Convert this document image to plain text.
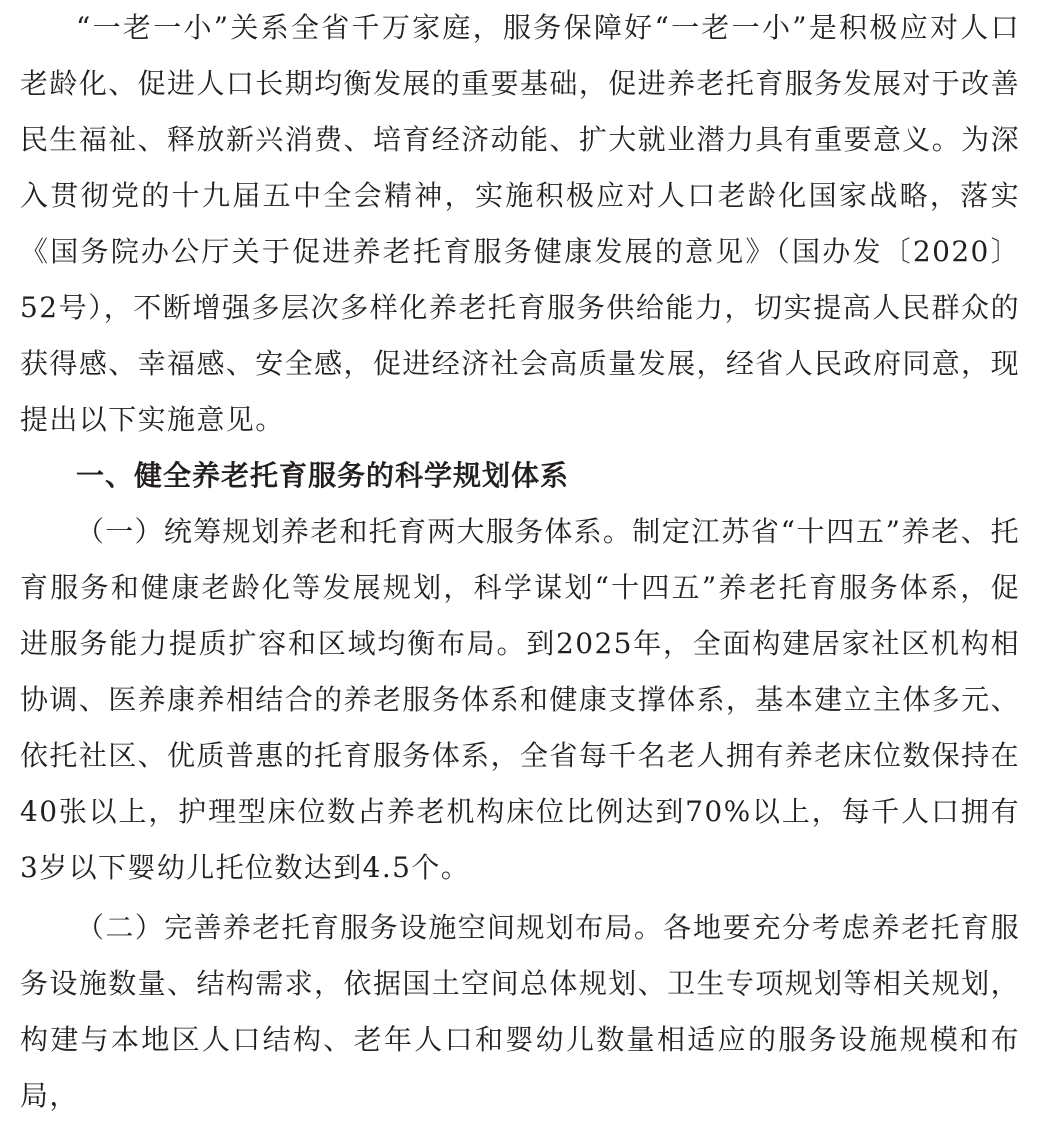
“一老一小”关系全省千万家庭，服务保障好“一老一小”是积极应对人口老龄化、促进人口长期均衡发展的重要基础，促进养老托育服务发展对于改善民生福祉、释放新兴消费、培育经济动能、扩大就业潜力具有重要意义。为深入贯彻党的十九届五中全会精神，实施积极应对人口老龄化国家战略，落实《国务院办公厅关于促进养老托育服务健康发展的意见》（国办发〔2020〕52号），不断增强多层次多样化养老托育服务供给能力，切实提高人民群众的获得感、幸福感、安全感，促进经济社会高质量发展，经省人民政府同意，现提出以下实施意见。

一、健全养老托育服务的科学规划体系

（一）统筹规划养老和托育两大服务体系。制定江苏省“十四五”养老、托育服务和健康老龄化等发展规划，科学谋划“十四五”养老托育服务体系，促进服务能力提质扩容和区域均衡布局。到2025年，全面构建居家社区机构相协调、医养康养相结合的养老服务体系和健康支撑体系，基本建立主体多元、依托社区、优质普惠的托育服务体系，全省每千名老人拥有养老床位数保持在40张以上，护理型床位数占养老机构床位比例达到70%以上，每千人口拥有3岁以下婴幼儿托位数达到4.5个。

（二）完善养老托育服务设施空间规划布局。各地要充分考虑养老托育服务设施数量、结构需求，依据国土空间总体规划、卫生专项规划等相关规划，构建与本地区人口结构、老年人口和婴幼儿数量相适应的服务设施规模和布局，
